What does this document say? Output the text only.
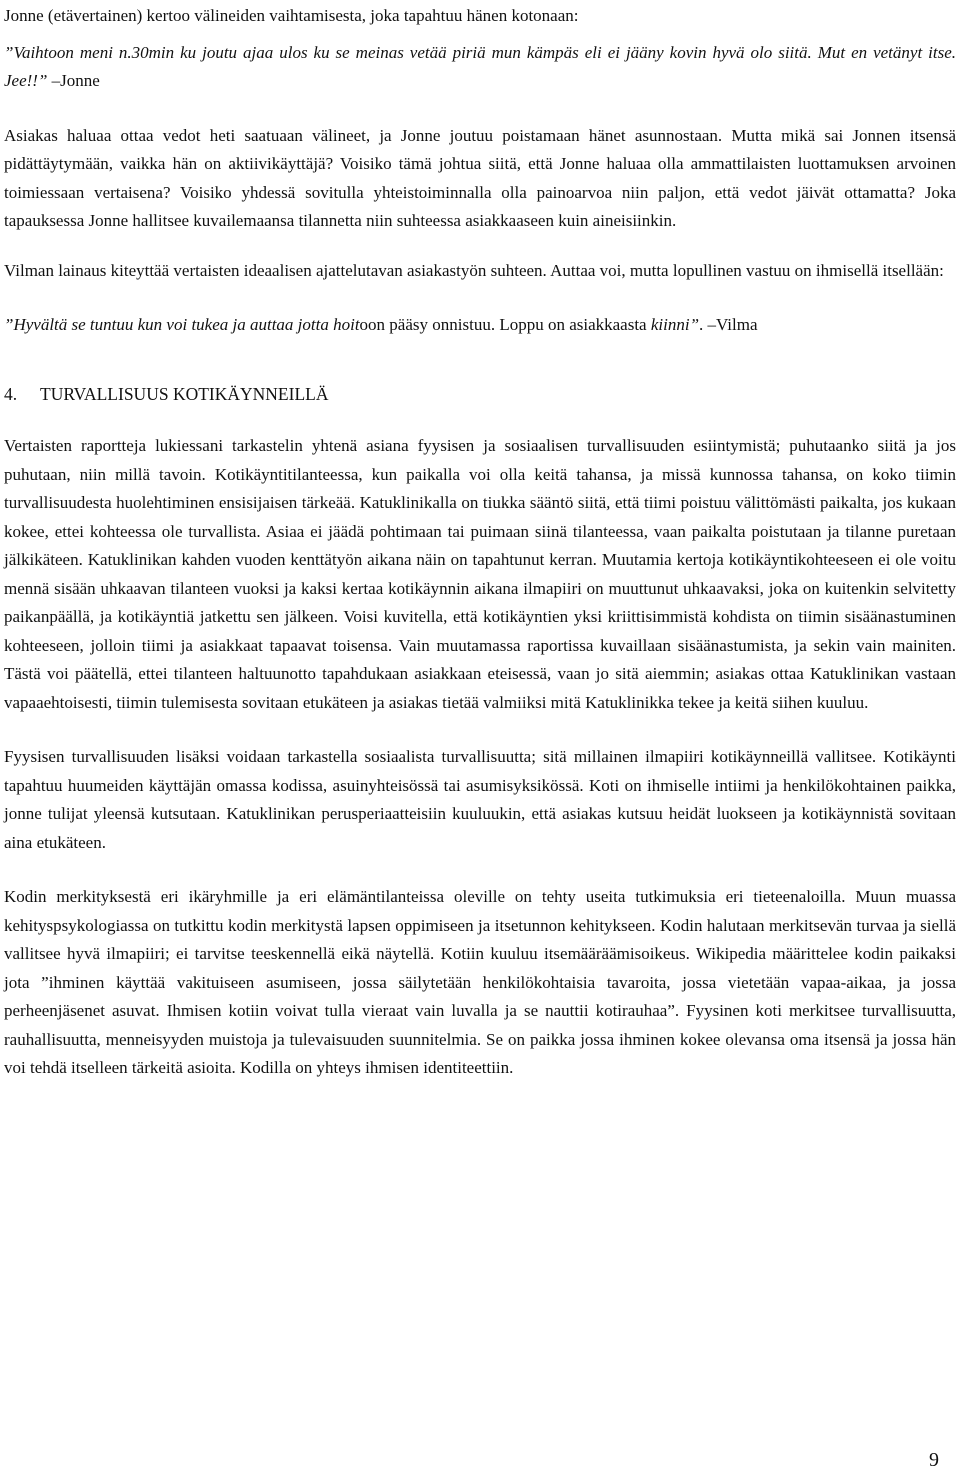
Jonne (etävertainen) kertoo välineiden vaihtamisesta, joka tapahtuu hänen kotonaan:

”Vaihtoon meni n.30min ku joutu ajaa ulos ku se meinas vetää piriä mun kämpäs eli ei jääny kovin hyvä olo siitä. Mut en vetänyt itse. Jee!!” –Jonne

Asiakas haluaa ottaa vedot heti saatuaan välineet, ja Jonne joutuu poistamaan hänet asunnostaan. Mutta mikä sai Jonnen itsensä pidättäytymään, vaikka hän on aktiivikäyttäjä? Voisiko tämä johtua siitä, että Jonne haluaa olla ammattilaisten luottamuksen arvoinen toimiessaan vertaisena? Voisiko yhdessä sovitulla yhteistoiminnalla olla painoarvoa niin paljon, että vedot jäivät ottamatta? Joka tapauksessa Jonne hallitsee kuvailemaansa tilannetta niin suhteessa asiakkaaseen kuin aineisiinkin.

Vilman lainaus kiteyttää vertaisten ideaalisen ajattelutavan asiakastyön suhteen. Auttaa voi, mutta lopullinen vastuu on ihmisellä itsellään:

”Hyvältä se tuntuu kun voi tukea ja auttaa jotta hoitoon pääsy onnistuu. Loppu on asiakkaasta kiinni”. –Vilma

4. TURVALLISUUS KOTIKÄYNNEILLÄ

Vertaisten raportteja lukiessani tarkastelin yhtenä asiana fyysisen ja sosiaalisen turvallisuuden esiintymistä; puhutaanko siitä ja jos puhutaan, niin millä tavoin. Kotikäyntitilanteessa, kun paikalla voi olla keitä tahansa, ja missä kunnossa tahansa, on koko tiimin turvallisuudesta huolehtiminen ensisijaisen tärkeää. Katuklinikalla on tiukka sääntö siitä, että tiimi poistuu välittömästi paikalta, jos kukaan kokee, ettei kohteessa ole turvallista. Asiaa ei jäädä pohtimaan tai puimaan siinä tilanteessa, vaan paikalta poistutaan ja tilanne puretaan jälkikäteen. Katuklinikan kahden vuoden kenttätyön aikana näin on tapahtunut kerran. Muutamia kertoja kotikäyntikohteeseen ei ole voitu mennä sisään uhkaavan tilanteen vuoksi ja kaksi kertaa kotikäynnin aikana ilmapiiri on muuttunut uhkaavaksi, joka on kuitenkin selvitetty paikanpäällä, ja kotikäyntiä jatkettu sen jälkeen. Voisi kuvitella, että kotikäyntien yksi kriittisimmistä kohdista on tiimin sisäänastuminen kohteeseen, jolloin tiimi ja asiakkaat tapaavat toisensa. Vain muutamassa raportissa kuvaillaan sisäänastumista, ja sekin vain mainiten. Tästä voi päätellä, ettei tilanteen haltuunotto tapahdukaan asiakkaan eteisessä, vaan jo sitä aiemmin; asiakas ottaa Katuklinikan vastaan vapaaehtoisesti, tiimin tulemisesta sovitaan etukäteen ja asiakas tietää valmiiksi mitä Katuklinikka tekee ja keitä siihen kuuluu.

Fyysisen turvallisuuden lisäksi voidaan tarkastella sosiaalista turvallisuutta; sitä millainen ilmapiiri kotikäynneillä vallitsee. Kotikäynti tapahtuu huumeiden käyttäjän omassa kodissa, asuinyhteisössä tai asumisyksikössä. Koti on ihmiselle intiimi ja henkilökohtainen paikka, jonne tulijat yleensä kutsutaan. Katuklinikan perusperiaatteisiin kuuluukin, että asiakas kutsuu heidät luokseen ja kotikäynnistä sovitaan aina etukäteen.

Kodin merkityksestä eri ikäryhmille ja eri elämäntilanteissa oleville on tehty useita tutkimuksia eri tieteenaloilla. Muun muassa kehityspsykologiassa on tutkittu kodin merkitystä lapsen oppimiseen ja itsetunnon kehitykseen. Kodin halutaan merkitsevän turvaa ja siellä vallitsee hyvä ilmapiiri; ei tarvitse teeskennellä eikä näytellä. Kotiin kuuluu itsemääräämisoikeus. Wikipedia määrittelee kodin paikaksi jota ”ihminen käyttää vakituiseen asumiseen, jossa säilytetään henkilökohtaisia tavaroita, jossa vietetään vapaa-aikaa, ja jossa perheenjäsenet asuvat. Ihmisen kotiin voivat tulla vieraat vain luvalla ja se nauttii kotirauhaa”. Fyysinen koti merkitsee turvallisuutta, rauhallisuutta, menneisyyden muistoja ja tulevaisuuden suunnitelmia. Se on paikka jossa ihminen kokee olevansa oma itsensä ja jossa hän voi tehdä itselleen tärkeitä asioita. Kodilla on yhteys ihmisen identiteettiin.

9
